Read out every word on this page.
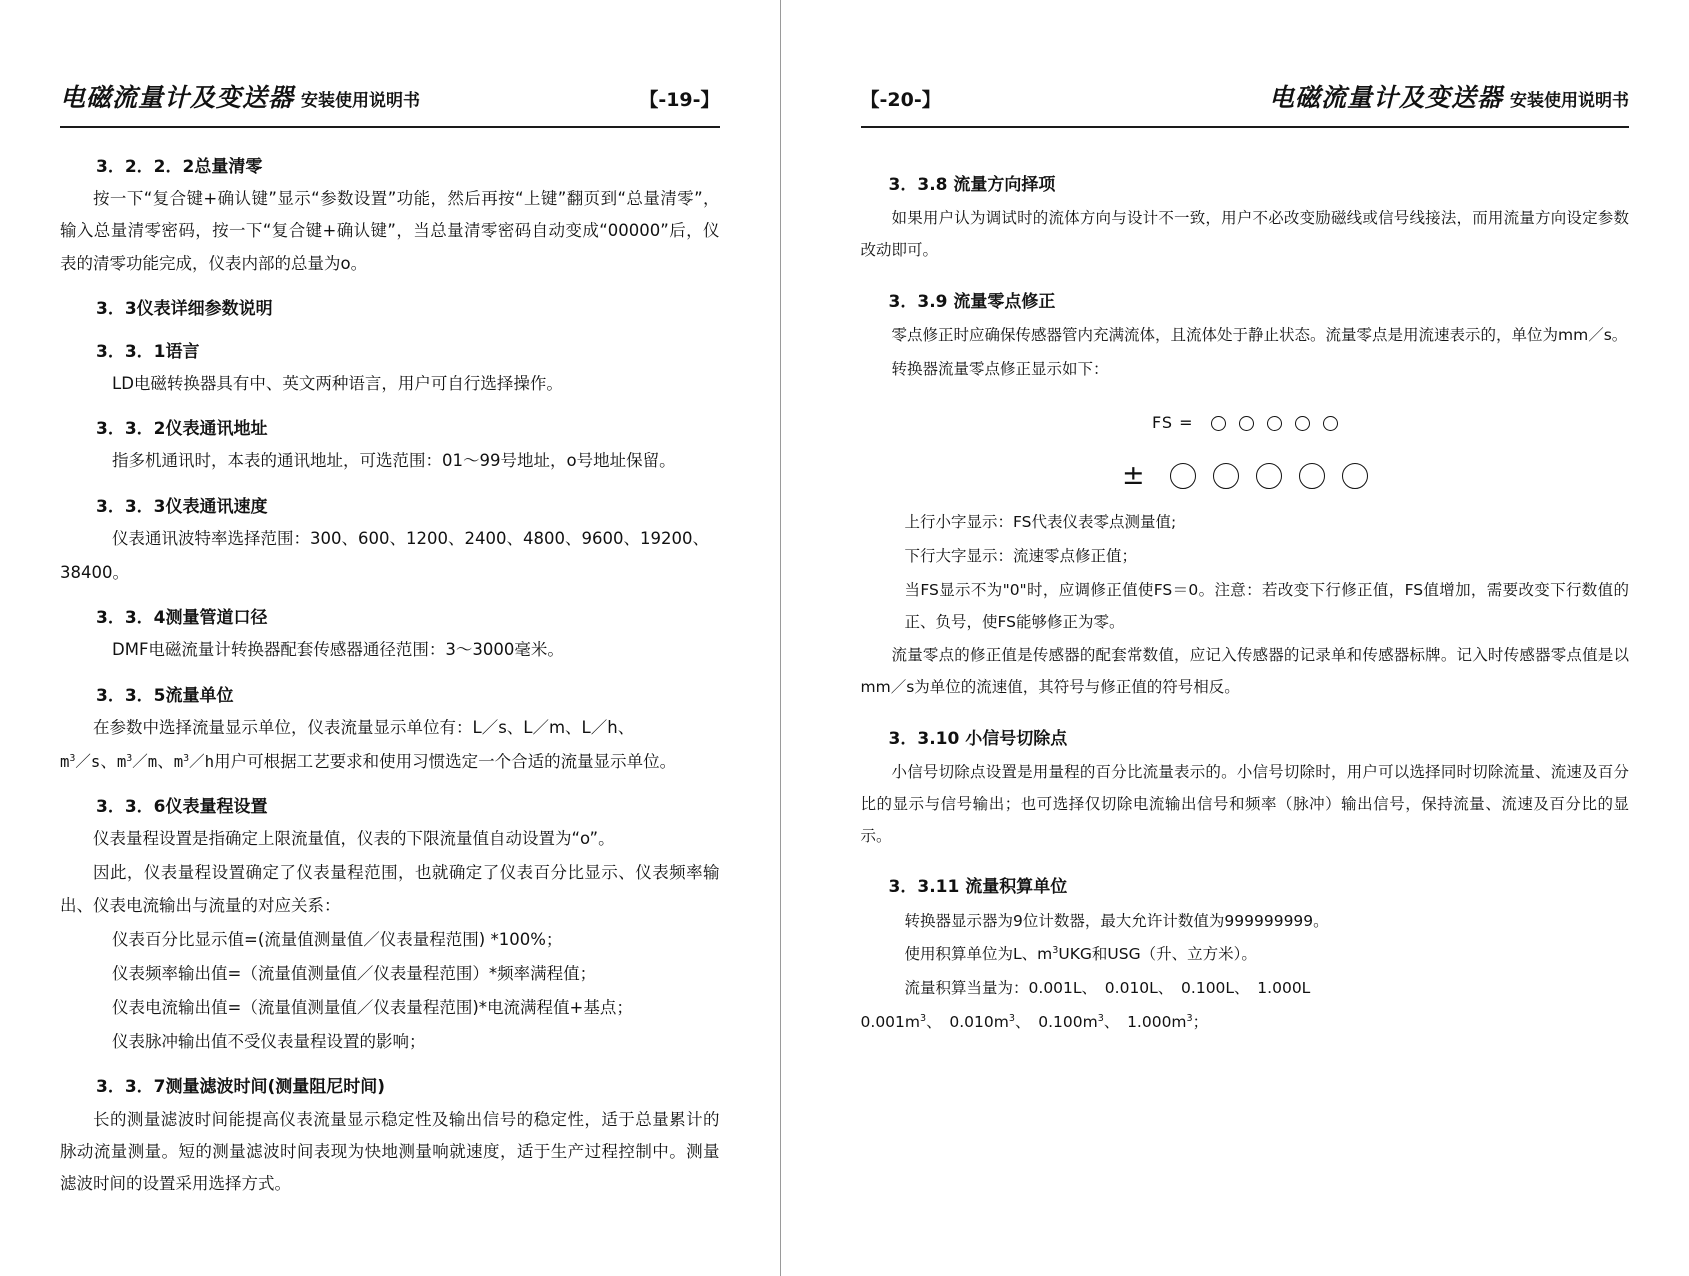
电磁流量计及变送器 安装使用说明书	【-19-】
3．2．2．2总量清零

按一下“复合键+确认键”显示“参数设置”功能，然后再按“上键”翻页到“总量清零”，输入总量清零密码，按一下“复合键+确认键”，当总量清零密码自动变成“00000”后，仪表的清零功能完成，仪表内部的总量为o。

3．3仪表详细参数说明
3．3．1语言

LD电磁转换器具有中、英文两种语言，用户可自行选择操作。

3．3．2仪表通讯地址

指多机通讯时，本表的通讯地址，可选范围：01～99号地址，o号地址保留。

3．3．3仪表通讯速度

仪表通讯波特率选择范围：300、600、1200、2400、4800、9600、19200、

38400。

3．3．4测量管道口径

DMF电磁流量计转换器配套传感器通径范围：3～3000毫米。

3．3．5流量单位

在参数中选择流量显示单位，仪表流量显示单位有：L／s、L／m、L／h、

$m^3/s$、$m^3/m$、$m^3/h$用户可根据工艺要求和使用习惯选定一个合适的流量显示单位。

3．3．6仪表量程设置

仪表量程设置是指确定上限流量值，仪表的下限流量值自动设置为“o”。

因此，仪表量程设置确定了仪表量程范围，也就确定了仪表百分比显示、仪表频率输出、仪表电流输出与流量的对应关系：

仪表百分比显示值=(流量值测量值／仪表量程范围) *100%；

仪表频率输出值=（流量值测量值／仪表量程范围）*频率满程值；

仪表电流输出值=（流量值测量值／仪表量程范围)*电流满程值+基点；

仪表脉冲输出值不受仪表量程设置的影响；

3．3．7测量滤波时间(测量阻尼时间)

长的测量滤波时间能提高仪表流量显示稳定性及输出信号的稳定性，适于总量累计的脉动流量测量。短的测量滤波时间表现为快地测量响就速度，适于生产过程控制中。测量滤波时间的设置采用选择方式。

【-20-】	电磁流量计及变送器 安装使用说明书
3．3.8 流量方向择项

如果用户认为调试时的流体方向与设计不一致，用户不必改变励磁线或信号线接法，而用流量方向设定参数改动即可。

3．3.9 流量零点修正

零点修正时应确保传感器管内充满流体，且流体处于静止状态。流量零点是用流速表示的，单位为mm／s。

转换器流量零点修正显示如下：

FS =
±

上行小字显示：FS代表仪表零点测量值;

下行大字显示：流速零点修正值；

当FS显示不为"0"时，应调修正值使FS＝0。注意：若改变下行修正值，FS值增加，需要改变下行数值的正、负号，使FS能够修正为零。

流量零点的修正值是传感器的配套常数值，应记入传感器的记录单和传感器标牌。记入时传感器零点值是以mm／s为单位的流速值，其符号与修正值的符号相反。

3．3.10 小信号切除点

小信号切除点设置是用量程的百分比流量表示的。小信号切除时，用户可以选择同时切除流量、流速及百分比的显示与信号输出；也可选择仅切除电流输出信号和频率（脉冲）输出信号，保持流量、流速及百分比的显示。

3．3.11 流量积算单位

转换器显示器为9位计数器，最大允许计数值为999999999。

使用积算单位为L、$m^3UKG$和USG（升、立方米）。

流量积算当量为：0.001L、　0.010L、　0.100L、　1.000L

$0.001m^3$、　$0.010m^3$、　$0.100m^3$、　$1.000m^3$；
